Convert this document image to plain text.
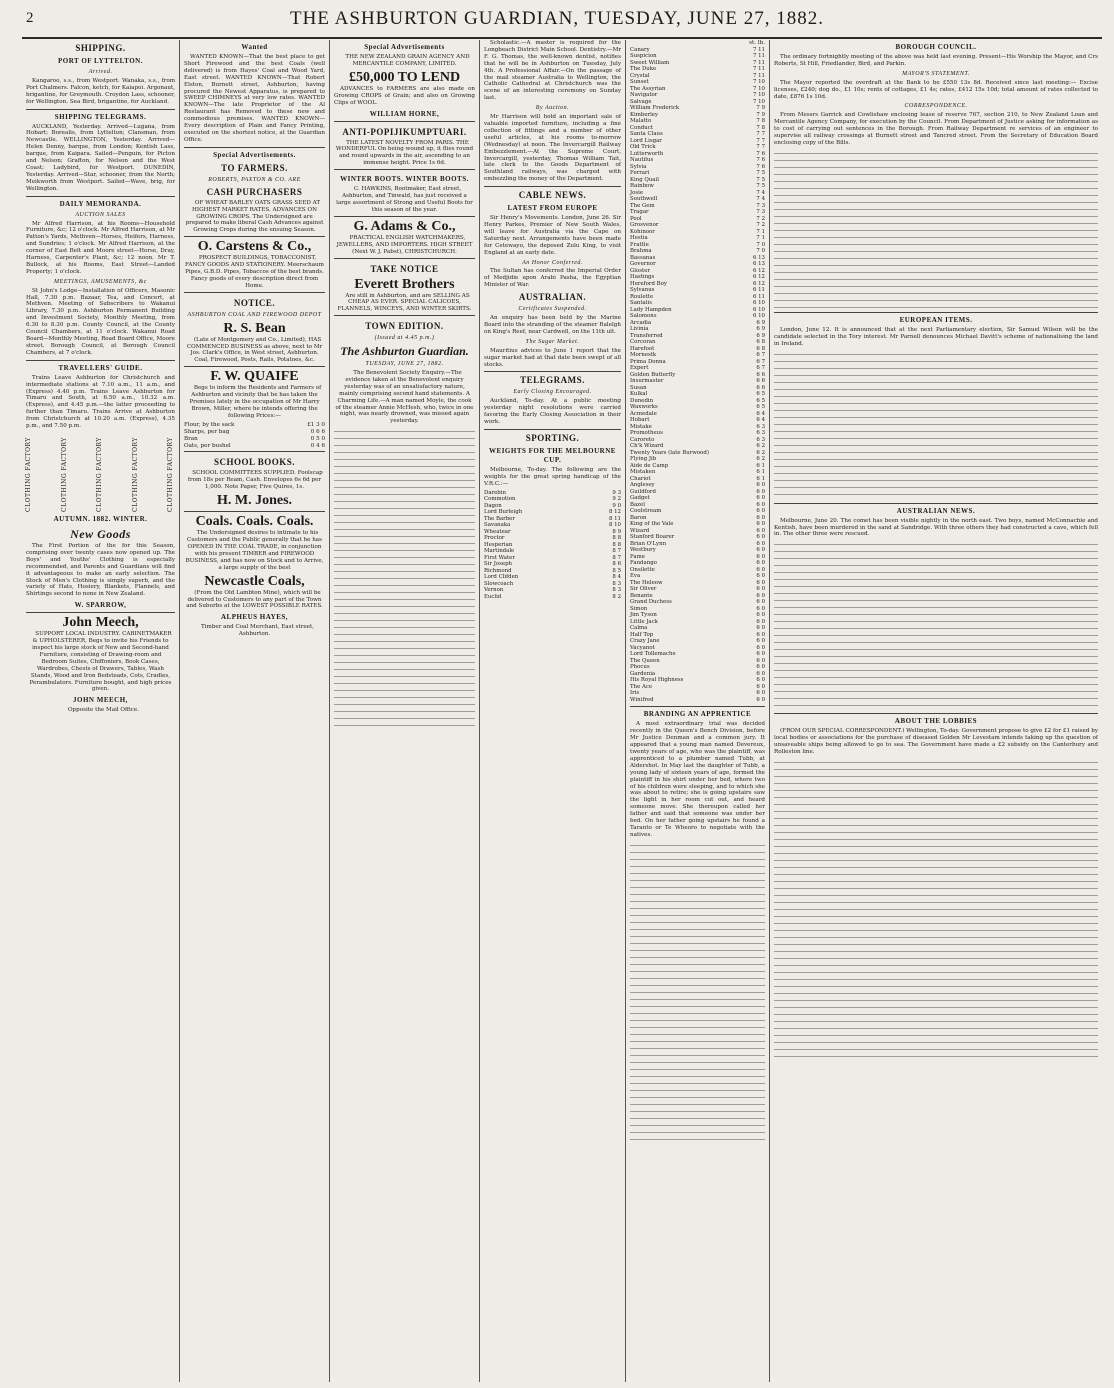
2	THE ASHBURTON GUARDIAN, TUESDAY, JUNE 27, 1882.
SHIPPING.
PORT OF LYTTELTON.
Arrived.

Kangaroo, s.s., from Westport. Wanaka, s.s., from Port Chalmers. Falcon, ketch, for Kaiapoi. Argonaut, brigantine, for Greymouth. Croydon Lass, schooner, for Wellington. Sea Bird, brigantine, for Auckland.

SHIPPING TELEGRAMS.

AUCKLAND, Yesterday. Arrived—Lugana, from Hobart; Borealis, from Lyttelton; Clansman, from Newcastle. WELLINGTON, Yesterday. Arrived—Helen Denny, barque, from London; Kentish Lass, barque, from Kaipara. Sailed—Penguin, for Picton and Nelson; Grafton, for Nelson and the West Coast; Ladybird, for Westport. DUNEDIN, Yesterday. Arrived—Star, schooner, from the North; Meikworth from Westport. Sailed—Wave, brig, for Wellington.

DAILY MEMORANDA.
AUCTION SALES

Mr Alfred Harrison, at his Rooms—Household Furniture, &c; 12 o'clock. Mr Alfred Harrison, at Mr Patton's Yards, Methven—Horses, Heifers, Harness, and Sundries; 1 o'clock. Mr Alfred Harrison, at the corner of East Belt and Moore street—Horse, Dray, Harness, Carpenter's Plant, &c; 12 noon. Mr T. Bullock, at his Rooms, East Street—Landed Property; 1 o'clock.

MEETINGS, AMUSEMENTS, &c

St John's Lodge—Installation of Officers, Masonic Hall, 7.30 p.m. Bazaar, Tea, and Concert, at Methven. Meeting of Subscribers to Wakanui Library, 7.30 p.m. Ashburton Permanent Building and Investment Society, Monthly Meeting, from 6.30 to 8.30 p.m. County Council, at the County Council Chambers, at 11 o'clock. Wakanui Road Board—Monthly Meeting, Road Board Office, Moore street. Borough Council, at Borough Council Chambers, at 7 o'clock.

TRAVELLERS' GUIDE.

Trains Leave Ashburton for Christchurch and intermediate stations at 7.10 a.m., 11 a.m., and (Express) 4.40 p.m. Trains Leave Ashburton for Timaru and South, at 6.50 a.m., 10.32 a.m. (Express), and 4.45 p.m.—the latter proceeding to further than Timaru. Trains Arrive at Ashburton from Christchurch at 10.20 a.m. (Express), 4.35 p.m., and 7.50 p.m.

CLOTHING FACTORY	CLOTHING FACTORY	CLOTHING FACTORY	CLOTHING FACTORY	CLOTHING FACTORY
AUTUMN. 1882. WINTER.
New Goods

The First Portion of the for this Season, comprising over twenty cases now opened up. The Boys' and Youths' Clothing is especially recommended, and Parents and Guardians will find it advantageous to make an early selection. The Stock of Men's Clothing is simply superb, and the variety of Hats, Hosiery, Blankets, Flannels, and Shirtings second to none in New Zealand.

W. SPARROW,
John Meech,

SUPPORT LOCAL INDUSTRY. CABINETMAKER & UPHOLSTERER, Begs to invite his Friends to inspect his large stock of New and Second-hand Furniture, consisting of Drawing-room and Bedroom Suites, Chiffoniers, Book Cases, Wardrobes, Chests of Drawers, Tables, Wash Stands, Wood and Iron Bedsteads, Cots, Cradles, Perambulators. Furniture bought, and high prices given.

JOHN MEECH,

Opposite the Mail Office.

Wanted

WANTED KNOWN—That the best place to get Short Firewood and the best Coals (well delivered) is from Hayes' Coal and Wood Yard, East street. WANTED KNOWN—That Robert Elston, Burnett street, Ashburton, having procured the Newest Apparatus, is prepared to SWEEP CHIMNEYS at very low rates. WANTED KNOWN—The late Proprietor of the Al Restaurant has Removed to these new and commodious premises. WANTED KNOWN—Every description of Plain and Fancy Printing, executed on the shortest notice, at the Guardian Office.

Special Advertisements.
TO FARMERS.
ROBERTS, PAXTON & CO. ARE
CASH PURCHASERS

OF WHEAT BARLEY OATS GRASS SEED AT HIGHEST MARKET RATES. ADVANCES ON GROWING CROPS. The Undersigned are prepared to make liberal Cash Advances against Growing Crops during the ensuing Season.

O. Carstens & Co.,

PROSPECT BUILDINGS, TOBACCONIST, FANCY GOODS AND STATIONERY. Meerschaum Pipes, G.B.D. Pipes, Tobaccos of the best brands. Fancy goods of every description direct from Home.

NOTICE.
ASHBURTON COAL AND FIREWOOD DEPOT
R. S. Bean

(Late of Montgomery and Co., Limited), HAS COMMENCED BUSINESS as above, next to Mr Jos. Clark's Office, in West street, Ashburton. Coal, Firewood, Posts, Rails, Potatoes, &c.

F. W. QUAIFE

Begs to inform the Residents and Farmers of Ashburton and vicinity that he has taken the Premises lately in the occupation of Mr Harry Brown, Miller, where he intends offering the following Prices:—

Flour, by the sack	£1 3 0
Sharps, per bag	0 6 6
Bran	0 5 0
Oats, per bushel	0 4 6
SCHOOL BOOKS.

SCHOOL COMMITTEES SUPPLIED. Foolscap from 18s per Ream, Cash. Envelopes 6s 6d per 1,000. Note Paper, Five Quires, 1s.

H. M. Jones.
Coals. Coals. Coals.

The Undersigned desires to intimate to his Customers and the Public generally that he has OPENED IN THE COAL TRADE, in conjunction with his present TIMBER and FIREWOOD BUSINESS, and has now on Stock and to Arrive, a large supply of the best

Newcastle Coals,

(From the Old Lambton Mine), which will be delivered to Customers to any part of the Town and Suburbs at the LOWEST POSSIBLE RATES.

ALPHEUS HAYES,

Timber and Coal Merchant, East street, Ashburton.

Special Advertisements

THE NEW ZEALAND GRAIN AGENCY AND MERCANTILE COMPANY, LIMITED.

£50,000 TO LEND

ADVANCES to FARMERS are also made on Growing CROPS of Grain; and also on Growing Clips of WOOL.

WILLIAM HORNE,
ANTI-POPIJIKUMPTUARI.

THE LATEST NOVELTY FROM PARIS. THE WONDERFUL On being wound up, it flies round and round upwards in the air, ascending to an immense height. Price 1s 6d.

WINTER BOOTS. WINTER BOOTS.

C. HAWKINS, Bootmaker, East street, Ashburton, and Tinwald, has just received a large assortment of Strong and Useful Boots for this season of the year.

G. Adams & Co.,

PRACTICAL ENGLISH WATCHMAKERS, JEWELLERS, AND IMPORTERS. HIGH STREET (Next W. J. Pabst), CHRISTCHURCH.

TAKE NOTICE
Everett Brothers

Are still in Ashburton, and are SELLING AS CHEAP AS EVER. SPECIAL CALICOES, FLANNELS, WINCEYS, AND WINTER SKIRTS.

TOWN EDITION.
(Issued at 4.45 p.m.)
The Ashburton Guardian.
TUESDAY, JUNE 27, 1882.

The Benevolent Society Enquiry.—The evidence taken at the Benevolent enquiry yesterday was of an unsatisfactory nature, mainly comprising second hand statements. A Charming Life.—A man named Moyle, the cook of the steamer Annie McHesh, who, twice in one night, was nearly drowned, was missed again yesterday.

Scholastic.—A master is required for the Longbeach District Main School. Dentistry.—Mr F. G. Thomas, the well-known dentist, notifies that he will be in Ashburton on Tuesday, July 4th. A Professional Affair.—On the passage of the mail steamer Australia to Wellington, the Catholic Cathedral at Christchurch was the scene of an interesting ceremony on Sunday last.

By Auction.

Mr Harrison will hold an important sale of valuable imported furniture, including a fine collection of fittings and a number of other useful articles, at his rooms to-morrow (Wednesday) at noon. The Invercargill Railway Embezzlement.—At the Supreme Court, Invercargill, yesterday, Thomas William Tait, late clerk to the Goods Department of Southland railways, was charged with embezzling the money of the Department.

CABLE NEWS.
LATEST FROM EUROPE

Sir Henry's Movements. London, June 26. Sir Henry Parkes, Premier of New South Wales, will leave for Australia via the Cape on Saturday next. Arrangements have been made for Cetewayo, the deposed Zulu King, to visit England at an early date.

An Honor Conferred.

The Sultan has conferred the Imperial Order of Medjidie upon Arabi Pasha, the Egyptian Minister of War.

AUSTRALIAN.
Certificates Suspended.

An enquiry has been held by the Marine Board into the stranding of the steamer Ralelgh on King's Reef, near Cardwell, on the 11th ult.

The Sugar Market.

Mauritius advices to June 1 report that the sugar market had at that date been swept of all stocks.

TELEGRAMS.
Early Closing Encouraged.

Auckland, To-day. At a public meeting yesterday night resolutions were carried favoring the Early Closing Association in their work.

SPORTING.
WEIGHTS FOR THE MELBOURNE CUP.

Melbourne, To-day. The following are the weights for the great spring handicap of the V.R.C.:—

Darebin	9 3
Commotion	9 2
Dagon	9 0
Lord Burleigh	8 12
The Barber	8 11
Savanaka	8 10
Wheatear	8 9
Proctor	8 8
Hesperian	8 8
Martindale	8 7
First Water	8 7
Sir Joseph	8 6
Richmond	8 5
Lord Clifden	8 4
Slowcoach	8 3
Vernon	8 3
Euclid	8 2
st. lb.
Canary	7 11
Suspicion	7 11
Sweet William	7 11
The Duke	7 11
Crystal	7 11
Sunset	7 10
The Assyrian	7 10
Navigator	7 10
Salvage	7 10
William Frederick	7 9
Kimberley	7 9
Malatto	7 8
Conduct	7 8
Santa Claus	7 7
Lord Lisgar	7 7
Old Trick	7 7
Lutterworth	7 6
Nautilus	7 6
Sylvia	7 6
Ferrari	7 5
King Quail	7 5
Rainbow	7 5
Josie	7 4
Southwell	7 4
The Gem	7 3
Tragar	7 3
Pool	7 2
Grosvenor	7 2
Kohinoor	7 1
Hestia	7 1
Frattle	7 0
Brahma	7 0
Bassanas	6 13
Governor	6 13
Gloster	6 12
Hastings	6 12
Hereford Boy	6 12
Sylvanus	6 11
Roulette	6 11
Santalis	6 10
Lady Hampden	6 10
Salomons	6 10
Arcadia	6 9
Livinia	6 9
Transferred	6 9
Corcoran	6 8
Harefoot	6 8
Mornestk	6 7
Prima Donna	6 7
Expert	6 7
Golden Butterfly	6 6
Insurmaster	6 6
Susan	6 6
Kulkal	6 5
Dunedin	6 5
Waxworks	6 5
Acmedale	6 4
Hobart	6 4
Mistake	6 3
Promotheus	6 3
Caroreto	6 3
Ch'k Wizard	6 2
Twenty Years (late Burwood)	6 2
Flying Jib	6 2
Aide de Camp	6 1
Mistaken	6 1
Chariot	6 1
Anglesey	6 0
Guildford	6 0
Gadget	6 0
Bazel	6 0
Coolstream	6 0
Baron	6 0
King of the Vale	6 0
Wizard	6 0
Stanford Boarer	6 0
Brian O'Lynn	6 0
Westbury	6 0
Fame	6 0
Fandango	6 0
Onsilette	6 0
Eva	6 0
The Heleow	6 0
Sir Oliver	6 0
Benante	6 0
Grand Duchess	6 0
Simon	6 0
Jim Tyson	6 0
Little Jack	6 0
Calma	6 0
Half Top	6 0
Crazy Jane	6 0
Vacyanot	6 0
Lord Tollemache	6 0
The Queen	6 0
Phocus	6 0
Gardenia	6 0
His Royal Highness	6 0
The Ace	6 0
Iris	6 0
Winifred	6 0
BRANDING AN APPRENTICE

A most extraordinary trial was decided recently in the Queen's Bench Division, before Mr Justice Denman and a common jury. It appeared that a young man named Devereux, twenty years of age, who was the plaintiff, was apprenticed to a plumber named Tubb, at Aldershot. In May last the daughter of Tubb, a young lady of sixteen years of age, formed the plaintiff in his shirt under her bed, where two of his children were sleeping, and to which she was about to retire; she is going upstairs saw the light in her room cut out, and heard someone move. She thereupon called her father and said that someone was under her bed. On her father going upstairs he found a Taranto or Te Wheoro to negotiate with the natives.

BOROUGH COUNCIL.

The ordinary fortnightly meeting of the above was held last evening. Present—His Worship the Mayor, and Crs Roberts, St Hill, Friedlander, Bird, and Parkin.

MAYOR'S STATEMENT.

The Mayor reported the overdraft at the Bank to be £550 13s 8d. Received since last meeting:— Excise licenses, £240; dog do., £1 10s; rents of cottages, £1 4s; rates, £412 15s 10d; total amount of rates collected to date, £876 1s 10d.

CORRESPONDENCE.

From Messrs Garrick and Cowlishaw enclosing lease of reserve 767, section 210, to New Zealand Loan and Mercantile Agency Company, for execution by the Council. From Department of Justice asking for information as to cost of carrying out sentences in the Borough. From Railway Department re services of an engineer to supervise all railway crossings at Burnett street and Tancred street. From the Secretary of Education Board enclosing copy of the Bills.

EUROPEAN ITEMS.

London, June 12. It is announced that at the next Parliamentary election, Sir Samuel Wilson will be the candidate selected in the Tory interest. Mr Parnell denounces Michael Davitt's scheme of nationalising the land in Ireland.

AUSTRALIAN NEWS.

Melbourne, June 20. The comet has been visible nightly in the north east. Two boys, named McConnachie and Kentish, have been murdered in the sand at Sandridge. With three others they had constructed a cave, which fell in. The other three were rescued.

ABOUT THE LOBBIES

(FROM OUR SPECIAL CORRESPONDENT.) Wellington, To-day. Government propose to give £2 for £1 raised by local bodies or associations for the purchase of diseased Golden Mr Levestam intends taking up the question of unsaveable ships being allowed to go to sea. The Government have made a £2 subsidy on the Canterbury and Rolleston line.
